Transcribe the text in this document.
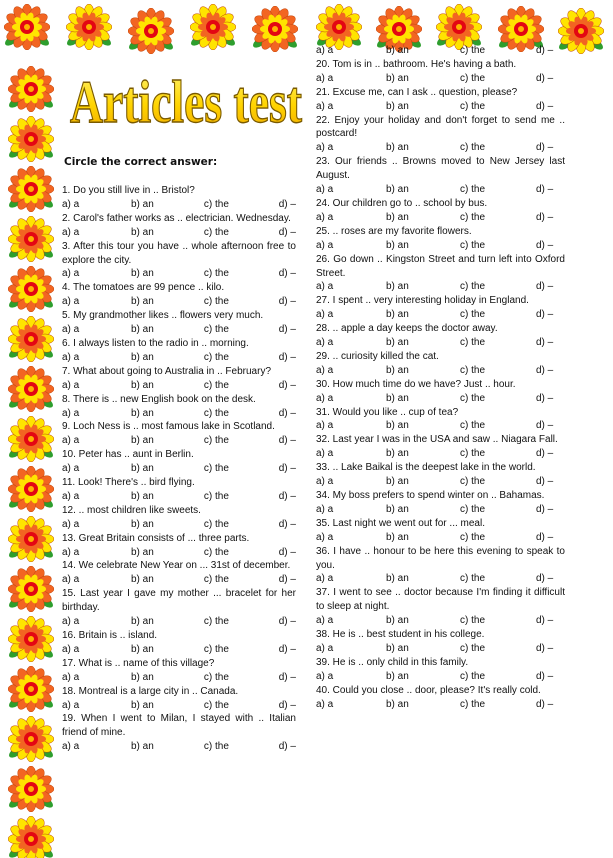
Articles test
Circle the correct answer:
1. Do you still live in .. Bristol?
a) a	b) an	c) the	d) –
2. Carol's father works as .. electrician. Wednesday.
a) a	b) an	c) the	d) –
3. After this tour you have .. whole afternoon free to explore the city.
a) a	b) an	c) the	d) –
4. The tomatoes are 99 pence .. kilo.
a) a	b) an	c) the	d) –
5. My grandmother likes .. flowers very much.
a) a	b) an	c) the	d) –
6. I always listen to the radio in .. morning.
a) a	b) an	c) the	d) –
7. What about going to Australia in .. February?
a) a	b) an	c) the	d) –
8. There is .. new English book on the desk.
a) a	b) an	c) the	d) –
9. Loch Ness is .. most famous lake in Scotland.
a) a	b) an	c) the	d) –
10. Peter has .. aunt in Berlin.
a) a	b) an	c) the	d) –
11. Look! There's .. bird flying.
a) a	b) an	c) the	d) –
12. .. most children like sweets.
a) a	b) an	c) the	d) –
13. Great Britain consists of ... three parts.
a) a	b) an	c) the	d) –
14. We celebrate New Year on ... 31st of december.
a) a	b) an	c) the	d) –
15. Last year I gave my mother ... bracelet for her birthday.
a) a	b) an	c) the	d) –
16. Britain is .. island.
a) a	b) an	c) the	d) –
17. What is .. name of this village?
a) a	b) an	c) the	d) –
18. Montreal is a large city in .. Canada.
a) a	b) an	c) the	d) –
19. When I went to Milan, I stayed with .. Italian friend of mine.
a) a	b) an	c) the	d) –
a) a	b) an	c) the	d) –
20. Tom is in .. bathroom. He's having a bath.
a) a	b) an	c) the	d) –
21. Excuse me, can I ask .. question, please?
a) a	b) an	c) the	d) –
22. Enjoy your holiday and don't forget to send me .. postcard!
a) a	b) an	c) the	d) –
23. Our friends .. Browns moved to New Jersey last August.
a) a	b) an	c) the	d) –
24. Our children go to .. school by bus.
a) a	b) an	c) the	d) –
25. .. roses are my favorite flowers.
a) a	b) an	c) the	d) –
26. Go down .. Kingston Street and turn left into Oxford Street.
a) a	b) an	c) the	d) –
27. I spent .. very interesting holiday in England.
a) a	b) an	c) the	d) –
28. .. apple a day keeps the doctor away.
a) a	b) an	c) the	d) –
29. .. curiosity killed the cat.
a) a	b) an	c) the	d) –
30. How much time do we have? Just .. hour.
a) a	b) an	c) the	d) –
31. Would you like .. cup of tea?
a) a	b) an	c) the	d) –
32. Last year I was in the USA and saw .. Niagara Fall.
a) a	b) an	c) the	d) –
33. .. Lake Baikal is the deepest lake in the world.
a) a	b) an	c) the	d) –
34. My boss prefers to spend winter on .. Bahamas.
a) a	b) an	c) the	d) –
35. Last night we went out for ... meal.
a) a	b) an	c) the	d) –
36. I have .. honour to be here this evening to speak to you.
a) a	b) an	c) the	d) –
37. I went to see .. doctor because I'm finding it difficult to sleep at night.
a) a	b) an	c) the	d) –
38. He is .. best student in his college.
a) a	b) an	c) the	d) –
39. He is .. only child in this family.
a) a	b) an	c) the	d) –
40. Could you close .. door, please? It's really cold.
a) a	b) an	c) the	d) –
